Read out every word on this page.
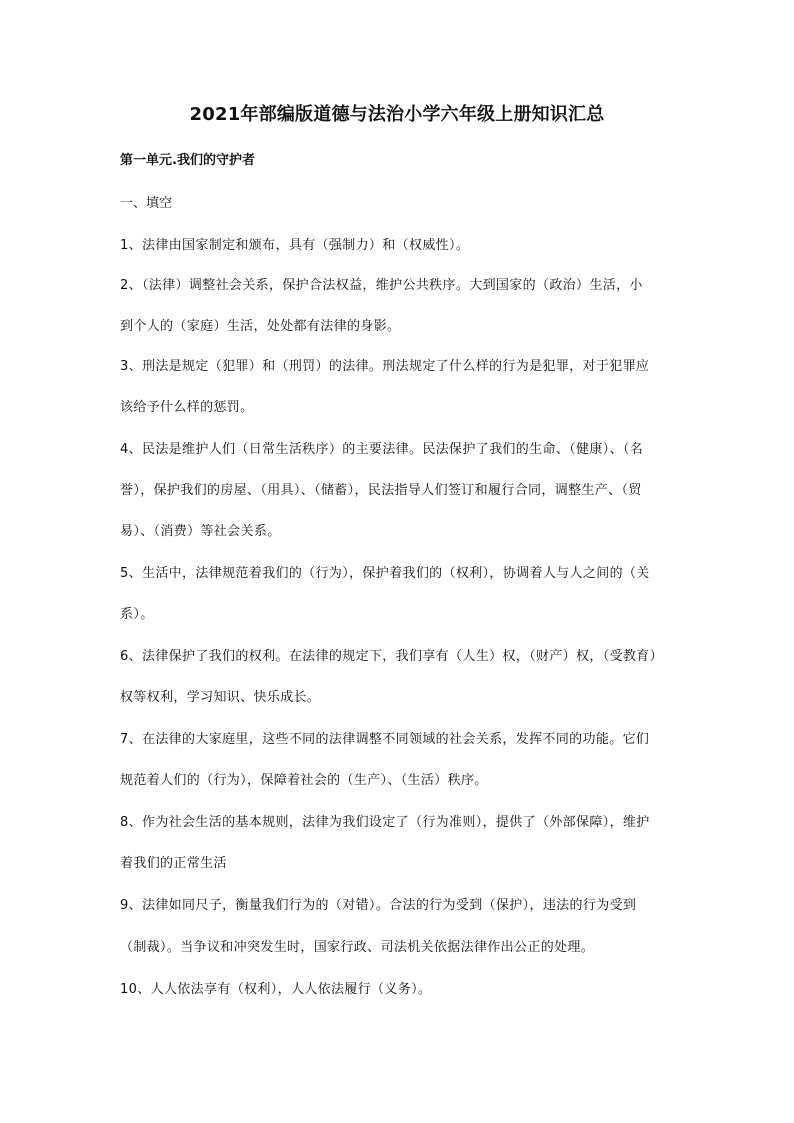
2021年部编版道德与法治小学六年级上册知识汇总
第一单元.我们的守护者
一、填空
1、法律由国家制定和颁布，具有（强制力）和（权威性）。
2、（法律）调整社会关系，保护合法权益，维护公共秩序。大到国家的（政治）生活，小
到个人的（家庭）生活，处处都有法律的身影。
3、刑法是规定（犯罪）和（刑罚）的法律。刑法规定了什么样的行为是犯罪，对于犯罪应
该给予什么样的惩罚。
4、民法是维护人们（日常生活秩序）的主要法律。民法保护了我们的生命、（健康）、（名
誉），保护我们的房屋、（用具）、（储蓄），民法指导人们签订和履行合同，调整生产、（贸
易）、（消费）等社会关系。
5、生活中，法律规范着我们的（行为），保护着我们的（权利），协调着人与人之间的（关
系）。
6、法律保护了我们的权利。在法律的规定下，我们享有（人生）权，（财产）权，（受教育）
权等权利，学习知识、快乐成长。
7、在法律的大家庭里，这些不同的法律调整不同领域的社会关系，发挥不同的功能。它们
规范着人们的（行为），保障着社会的（生产）、（生活）秩序。
8、作为社会生活的基本规则，法律为我们设定了（行为准则），提供了（外部保障），维护
着我们的正常生活
9、法律如同尺子，衡量我们行为的（对错）。合法的行为受到（保护），违法的行为受到
（制裁）。当争议和冲突发生时，国家行政、司法机关依据法律作出公正的处理。
10、人人依法享有（权利），人人依法履行（义务）。
